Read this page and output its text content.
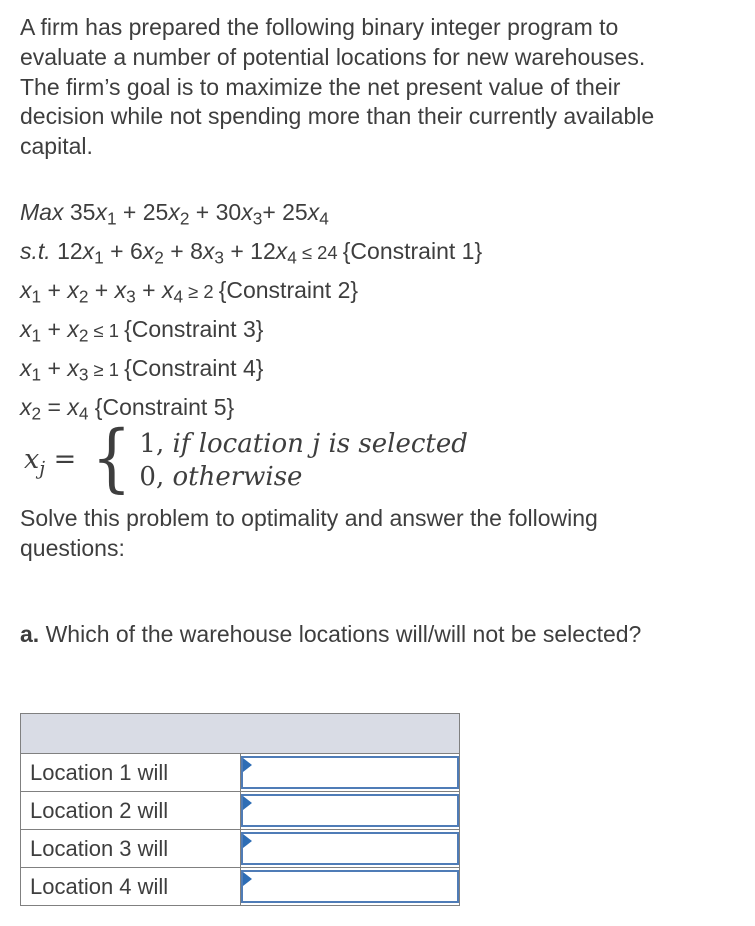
A firm has prepared the following binary integer program to
evaluate a number of potential locations for new warehouses.
The firm’s goal is to maximize the net present value of their
decision while not spending more than their currently available
capital.
Max 35x1 + 25x2 + 30x3+ 25x4
s.t. 12x1 + 6x2 + 8x3 + 12x4 ≤ 24 {Constraint 1}
x1 + x2 + x3 + x4 ≥ 2 {Constraint 2}
x1 + x2 ≤ 1 {Constraint 3}
x1 + x3 ≥ 1 {Constraint 4}
x2 = x4 {Constraint 5}
$x_j$ = { 1, if location j is selected
0, otherwise
Solve this problem to optimality and answer the following
questions:
a. Which of the warehouse locations will/will not be selected?

Location 1 will	

Location 2 will	

Location 3 will	

Location 4 will	
